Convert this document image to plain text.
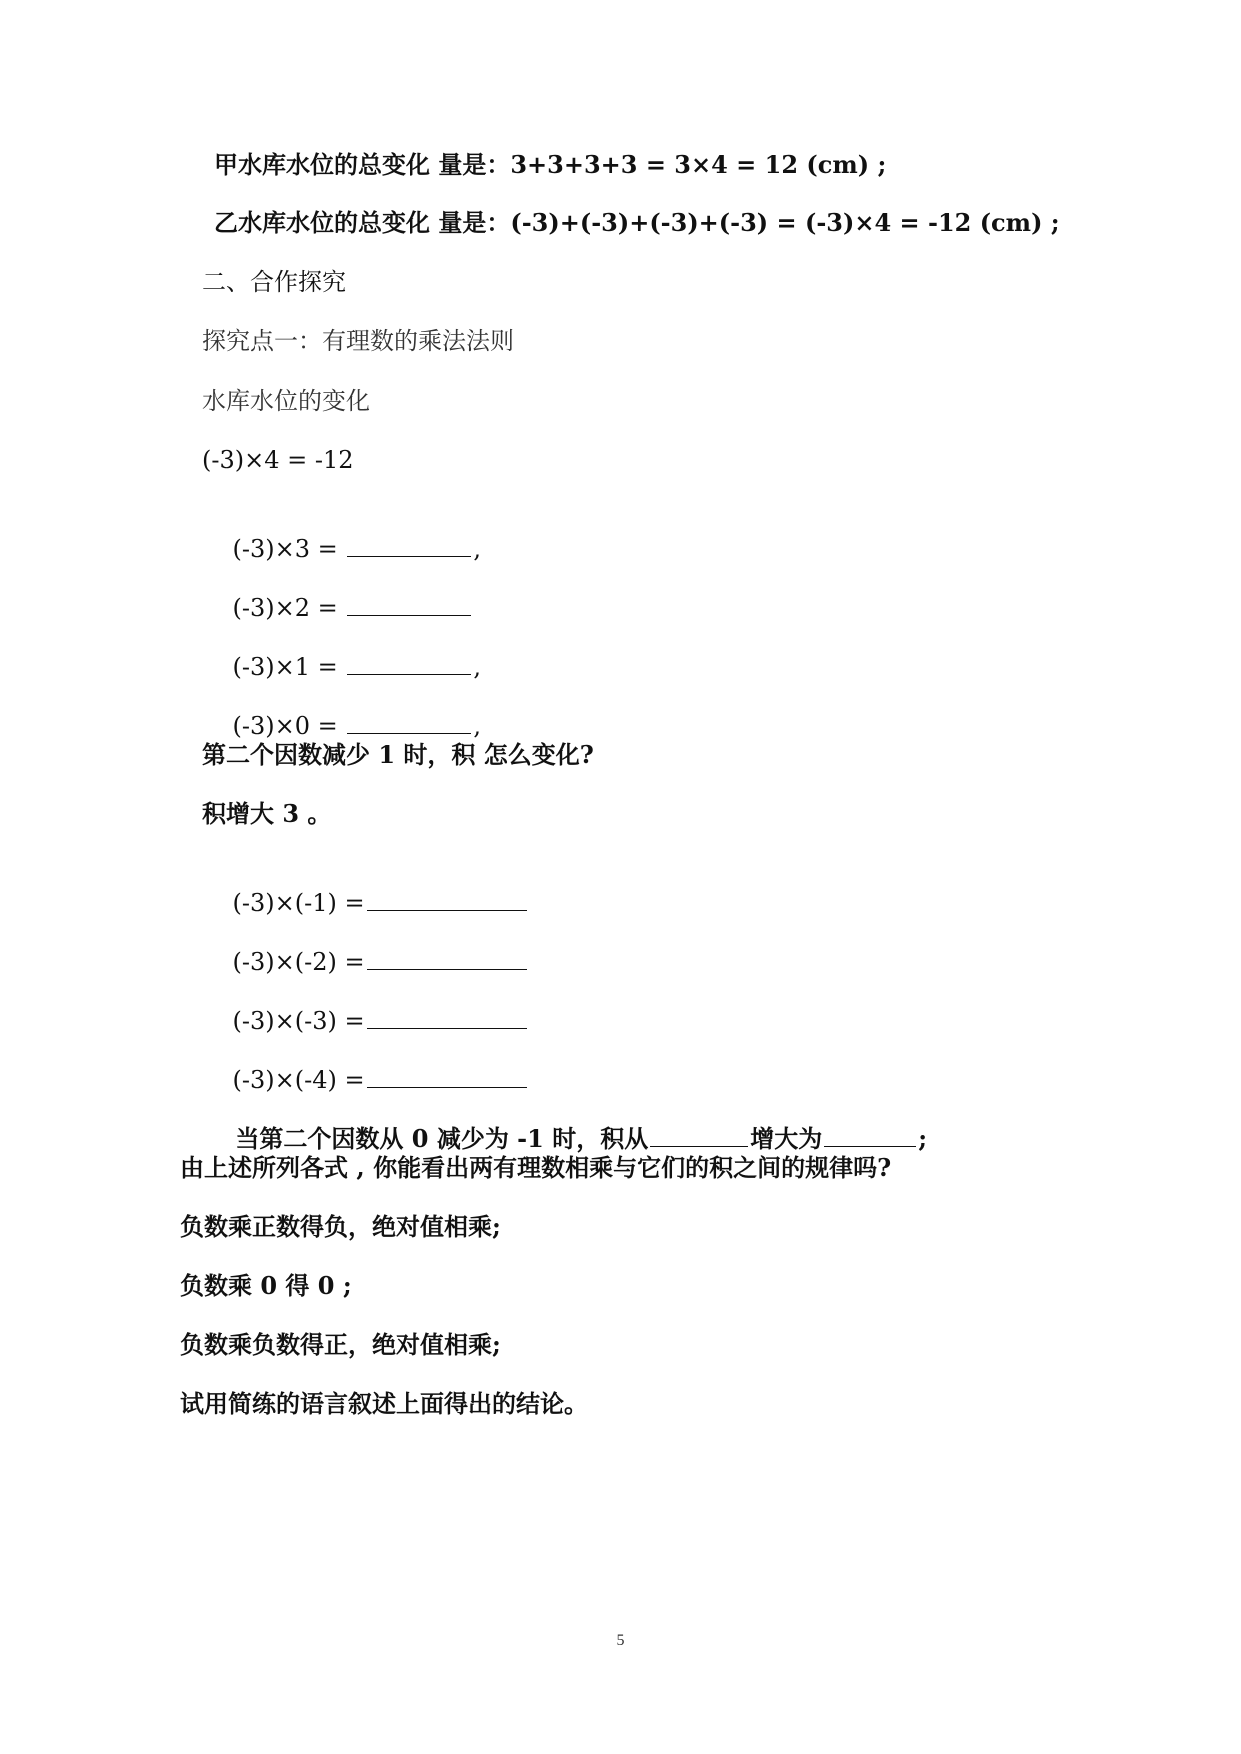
甲水库水位的总变化 量是：3+3+3+3 = 3×4 = 12 (cm) ;
乙水库水位的总变化 量是：(-3)+(-3)+(-3)+(-3) = (-3)×4 = -12 (cm) ;
二、合作探究
探究点一：有理数的乘法法则
水库水位的变化
(-3)×4 = -12

(-3)×3 =	,

(-3)×2 =

(-3)×1 =	,

(-3)×0 =	,

第二个因数减少 1 时，积 怎么变化?
积增大 3 。

(-3)×(-1) =

(-3)×(-2) =

(-3)×(-3) =

(-3)×(-4) =

当第二个因数从 0 减少为 -1 时，积从	增大为	;

由上述所列各式 , 你能看出两有理数相乘与它们的积之间的规律吗?
负数乘正数得负，绝对值相乘;
负数乘 0 得 0 ;
负数乘负数得正，绝对值相乘;
试用简练的语言叙述上面得出的结论。
5
